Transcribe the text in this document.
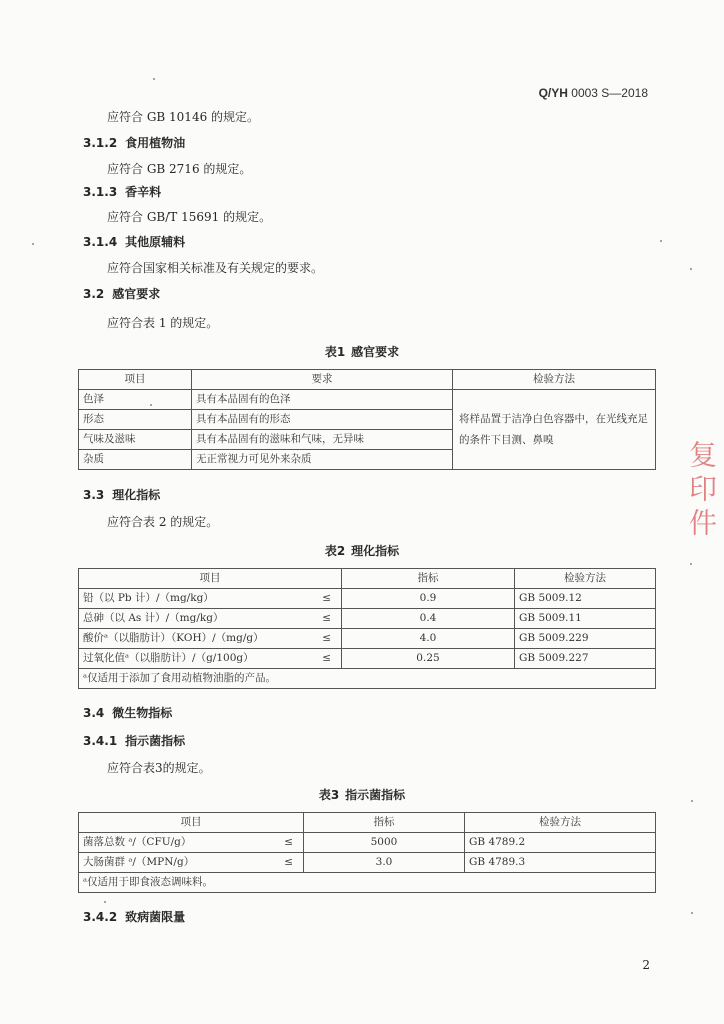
Q/YH 0003 S—2018
应符合 GB 10146 的规定。
3.1.2 食用植物油
应符合 GB 2716 的规定。
3.1.3 香辛料
应符合 GB/T 15691 的规定。
3.1.4 其他原辅料
应符合国家相关标准及有关规定的要求。
3.2 感官要求
应符合表 1 的规定。
表1 感官要求
项目	要求	检验方法
色泽	具有本品固有的色泽	将样品置于洁净白色容器中，在光线充足的条件下目测、鼻嗅
形态	具有本品固有的形态	
气味及滋味	具有本品固有的滋味和气味，无异味	
杂质	无正常视力可见外来杂质	
3.3 理化指标
应符合表 2 的规定。
表2 理化指标
项目	指标	检验方法
铅（以 Pb 计）/（mg/kg） ≤	0.9	GB 5009.12
总砷（以 As 计）/（mg/kg） ≤	0.4	GB 5009.11
酸价ᵃ（以脂肪计）（KOH）/（mg/g） ≤	4.0	GB 5009.229
过氧化值ᵃ（以脂肪计）/（g/100g） ≤	0.25	GB 5009.227
ᵃ仅适用于添加了食用动植物油脂的产品。		
3.4 微生物指标
3.4.1 指示菌指标
应符合表3的规定。
表3 指示菌指标
项目	指标	检验方法
菌落总数 ᵃ/（CFU/g） ≤	5000	GB 4789.2
大肠菌群 ᵃ/（MPN/g） ≤	3.0	GB 4789.3
ᵃ仅适用于即食液态调味料。		
3.4.2 致病菌限量
2
复印件
